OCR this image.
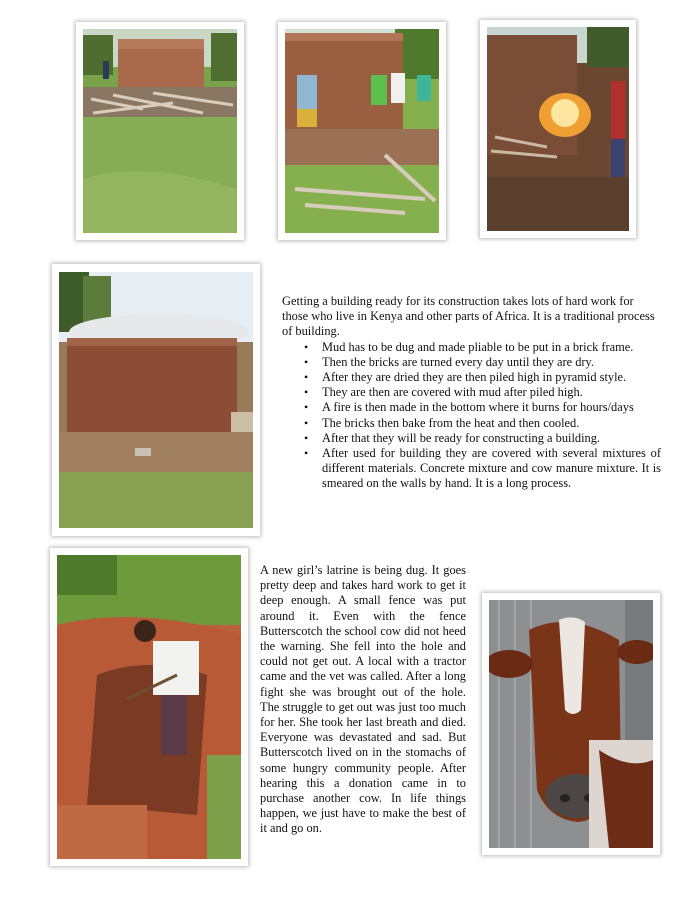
Getting a building ready for its construction takes lots of hard work for those who live in Kenya and other parts of Africa. It is a traditional process of building.

• Mud has to be dug and made pliable to be put in a brick frame.
• Then the bricks are turned every day until they are dry.
• After they are dried they are then piled high in pyramid style.
• They are then are covered with mud after piled high.
• A fire is then made in the bottom where it burns for hours/days
• The bricks then bake from the heat and then cooled.
• After that they will be ready for constructing a building.
• After used for building they are covered with several mixtures of different materials. Concrete mixture and cow manure mixture. It is smeared on the walls by hand. It is a long process.

A new girl’s latrine is being dug. It goes pretty deep and takes hard work to get it deep enough. A small fence was put around it. Even with the fence Butterscotch the school cow did not heed the warning. She fell into the hole and could not get out. A local with a tractor came and the vet was called. After a long fight she was brought out of the hole. The struggle to get out was just too much for her. She took her last breath and died. Everyone was devastated and sad. But Butterscotch lived on in the stomachs of some hungry community people. After hearing this a donation came in to purchase another cow. In life things happen, we just have to make the best of it and go on.
